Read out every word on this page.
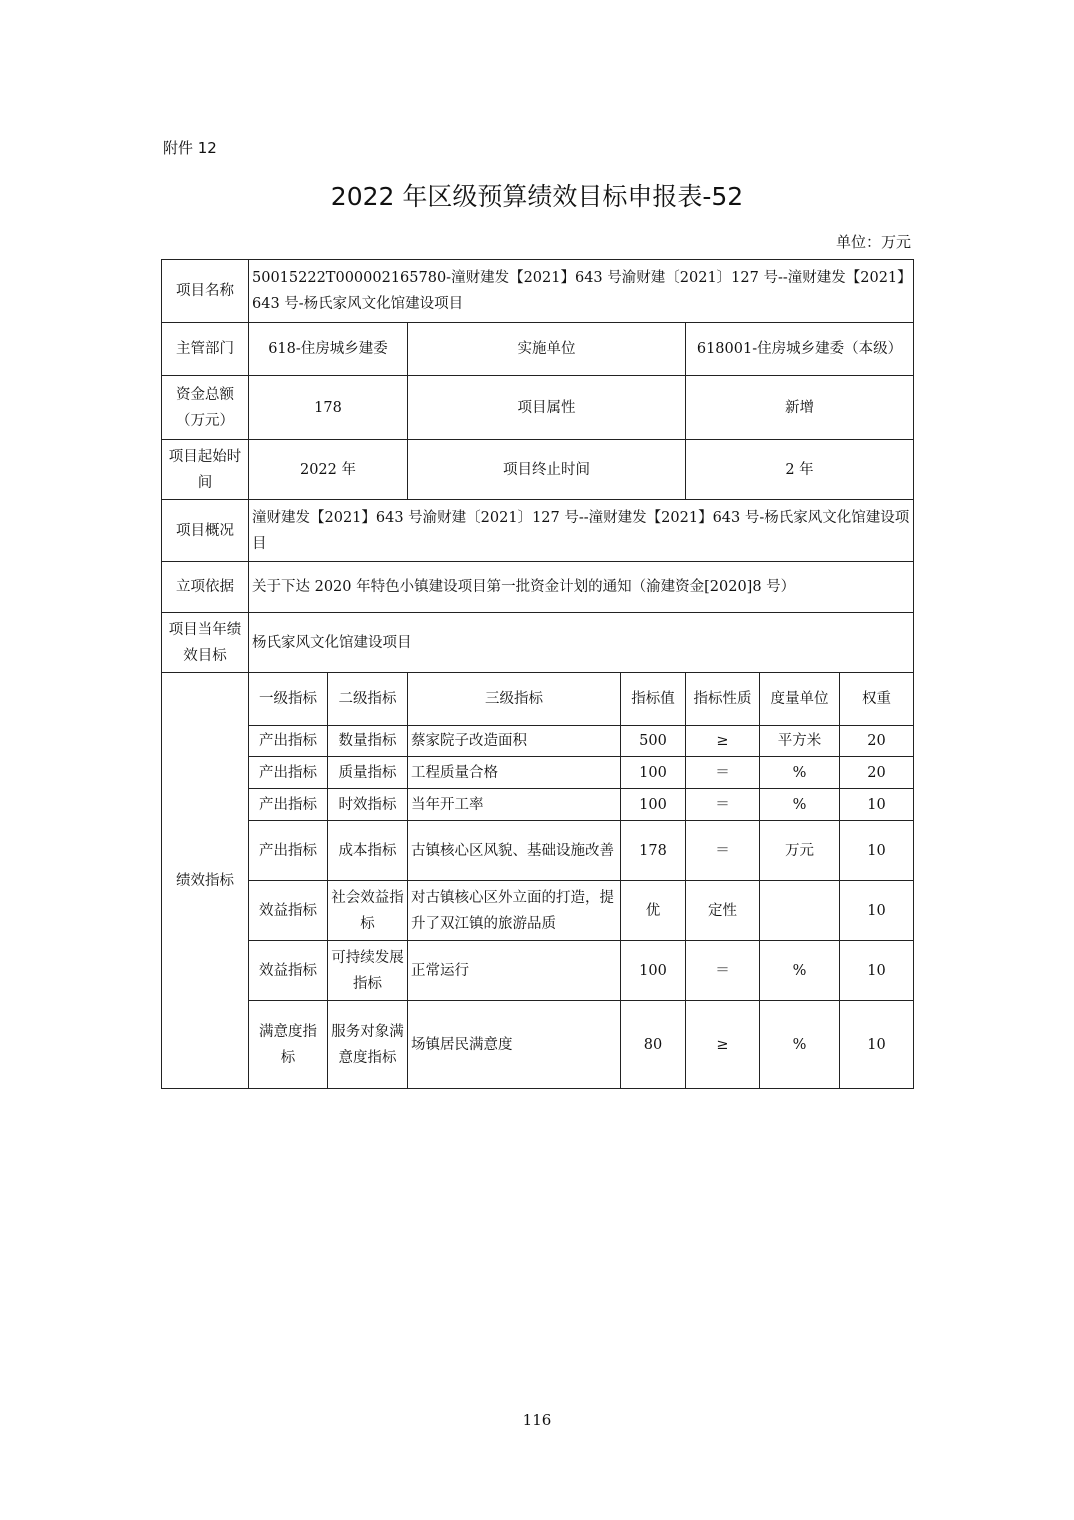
附件 12
2022 年区级预算绩效目标申报表-52
单位：万元
项目名称	50015222T000002165780-潼财建发【2021】643 号渝财建〔2021〕127 号--潼财建发【2021】643 号-杨氏家风文化馆建设项目						
主管部门	618-住房城乡建委		实施单位		618001-住房城乡建委（本级）		
资金总额（万元）	178		项目属性		新增		
项目起始时间	2022 年		项目终止时间		2 年		
项目概况	潼财建发【2021】643 号渝财建〔2021〕127 号--潼财建发【2021】643 号-杨氏家风文化馆建设项目						
立项依据	关于下达 2020 年特色小镇建设项目第一批资金计划的通知（渝建资金[2020]8 号）						
项目当年绩效目标	杨氏家风文化馆建设项目						
绩效指标	一级指标	二级指标	三级指标	指标值	指标性质	度量单位	权重
	产出指标	数量指标	蔡家院子改造面积	500	≥	平方米	20
	产出指标	质量指标	工程质量合格	100	＝	%	20
	产出指标	时效指标	当年开工率	100	＝	%	10
	产出指标	成本指标	古镇核心区风貌、基础设施改善	178	＝	万元	10
	效益指标	社会效益指标	对古镇核心区外立面的打造，提升了双江镇的旅游品质	优	定性		10
	效益指标	可持续发展指标	正常运行	100	＝	%	10
	满意度指标	服务对象满意度指标	场镇居民满意度	80	≥	%	10
116
